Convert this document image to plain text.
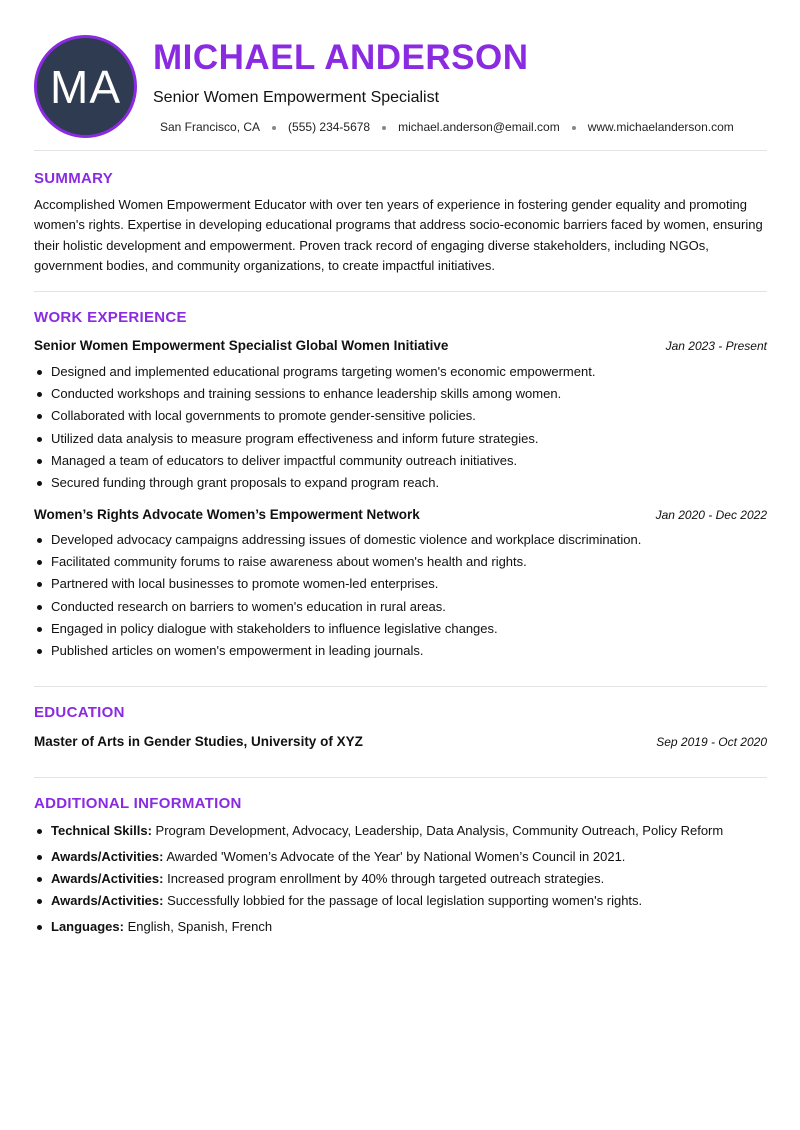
MA
MICHAEL ANDERSON
Senior Women Empowerment Specialist
San Francisco, CA (555) 234-5678 michael.anderson@email.com www.michaelanderson.com
SUMMARY
Accomplished Women Empowerment Educator with over ten years of experience in fostering gender equality and promoting women's rights. Expertise in developing educational programs that address socio-economic barriers faced by women, ensuring their holistic development and empowerment. Proven track record of engaging diverse stakeholders, including NGOs, government bodies, and community organizations, to create impactful initiatives.
WORK EXPERIENCE
Senior Women Empowerment Specialist Global Women Initiative	Jan 2023 - Present
Designed and implemented educational programs targeting women's economic empowerment.
Conducted workshops and training sessions to enhance leadership skills among women.
Collaborated with local governments to promote gender-sensitive policies.
Utilized data analysis to measure program effectiveness and inform future strategies.
Managed a team of educators to deliver impactful community outreach initiatives.
Secured funding through grant proposals to expand program reach.
Women’s Rights Advocate Women’s Empowerment Network	Jan 2020 - Dec 2022
Developed advocacy campaigns addressing issues of domestic violence and workplace discrimination.
Facilitated community forums to raise awareness about women's health and rights.
Partnered with local businesses to promote women-led enterprises.
Conducted research on barriers to women's education in rural areas.
Engaged in policy dialogue with stakeholders to influence legislative changes.
Published articles on women's empowerment in leading journals.
EDUCATION
Master of Arts in Gender Studies, University of XYZ	Sep 2019 - Oct 2020
ADDITIONAL INFORMATION
Technical Skills: Program Development, Advocacy, Leadership, Data Analysis, Community Outreach, Policy Reform
Awards/Activities: Awarded 'Women’s Advocate of the Year' by National Women’s Council in 2021.
Awards/Activities: Increased program enrollment by 40% through targeted outreach strategies.
Awards/Activities: Successfully lobbied for the passage of local legislation supporting women's rights.
Languages: English, Spanish, French
